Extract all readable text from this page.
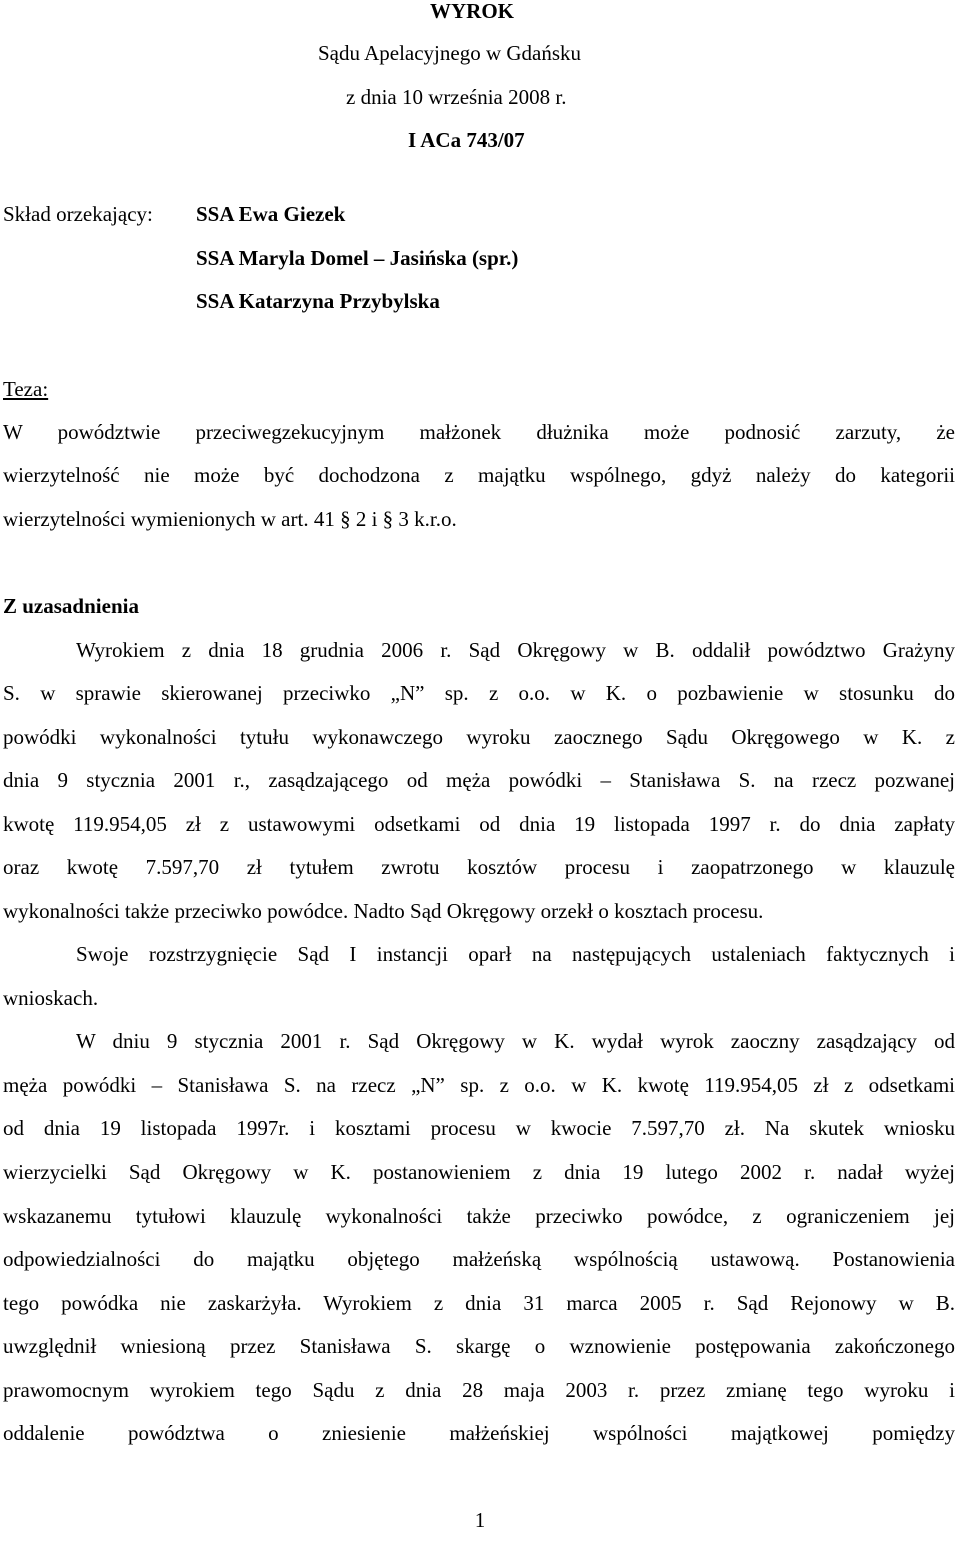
WYROK
Sądu Apelacyjnego w Gdańsku
z dnia 10 września 2008 r.
I ACa 743/07
Skład orzekający: SSA Ewa Giezek
SSA Maryla Domel – Jasińska (spr.)
SSA Katarzyna Przybylska
Teza:
W powództwie przeciwegzekucyjnym małżonek dłużnika może podnosić zarzuty, że
wierzytelność nie może być dochodzona z majątku wspólnego, gdyż należy do kategorii
wierzytelności wymienionych w art. 41 § 2 i § 3 k.r.o.
Z uzasadnienia
Wyrokiem z dnia 18 grudnia 2006 r. Sąd Okręgowy w B. oddalił powództwo Grażyny
S. w sprawie skierowanej przeciwko „N” sp. z o.o. w K. o pozbawienie w stosunku do
powódki wykonalności tytułu wykonawczego wyroku zaocznego Sądu Okręgowego w K. z
dnia 9 stycznia 2001 r., zasądzającego od męża powódki – Stanisława S. na rzecz pozwanej
kwotę 119.954,05 zł z ustawowymi odsetkami od dnia 19 listopada 1997 r. do dnia zapłaty
oraz kwotę 7.597,70 zł tytułem zwrotu kosztów procesu i zaopatrzonego w klauzulę
wykonalności także przeciwko powódce. Nadto Sąd Okręgowy orzekł o kosztach procesu.
Swoje rozstrzygnięcie Sąd I instancji oparł na następujących ustaleniach faktycznych i
wnioskach.
W dniu 9 stycznia 2001 r. Sąd Okręgowy w K. wydał wyrok zaoczny zasądzający od
męża powódki – Stanisława S. na rzecz „N” sp. z o.o. w K. kwotę 119.954,05 zł z odsetkami
od dnia 19 listopada 1997r. i kosztami procesu w kwocie 7.597,70 zł. Na skutek wniosku
wierzycielki Sąd Okręgowy w K. postanowieniem z dnia 19 lutego 2002 r. nadał wyżej
wskazanemu tytułowi klauzulę wykonalności także przeciwko powódce, z ograniczeniem jej
odpowiedzialności do majątku objętego małżeńską wspólnością ustawową. Postanowienia
tego powódka nie zaskarżyła. Wyrokiem z dnia 31 marca 2005 r. Sąd Rejonowy w B.
uwzględnił wniesioną przez Stanisława S. skargę o wznowienie postępowania zakończonego
prawomocnym wyrokiem tego Sądu z dnia 28 maja 2003 r. przez zmianę tego wyroku i
oddalenie powództwa o zniesienie małżeńskiej wspólności majątkowej pomiędzy
1
